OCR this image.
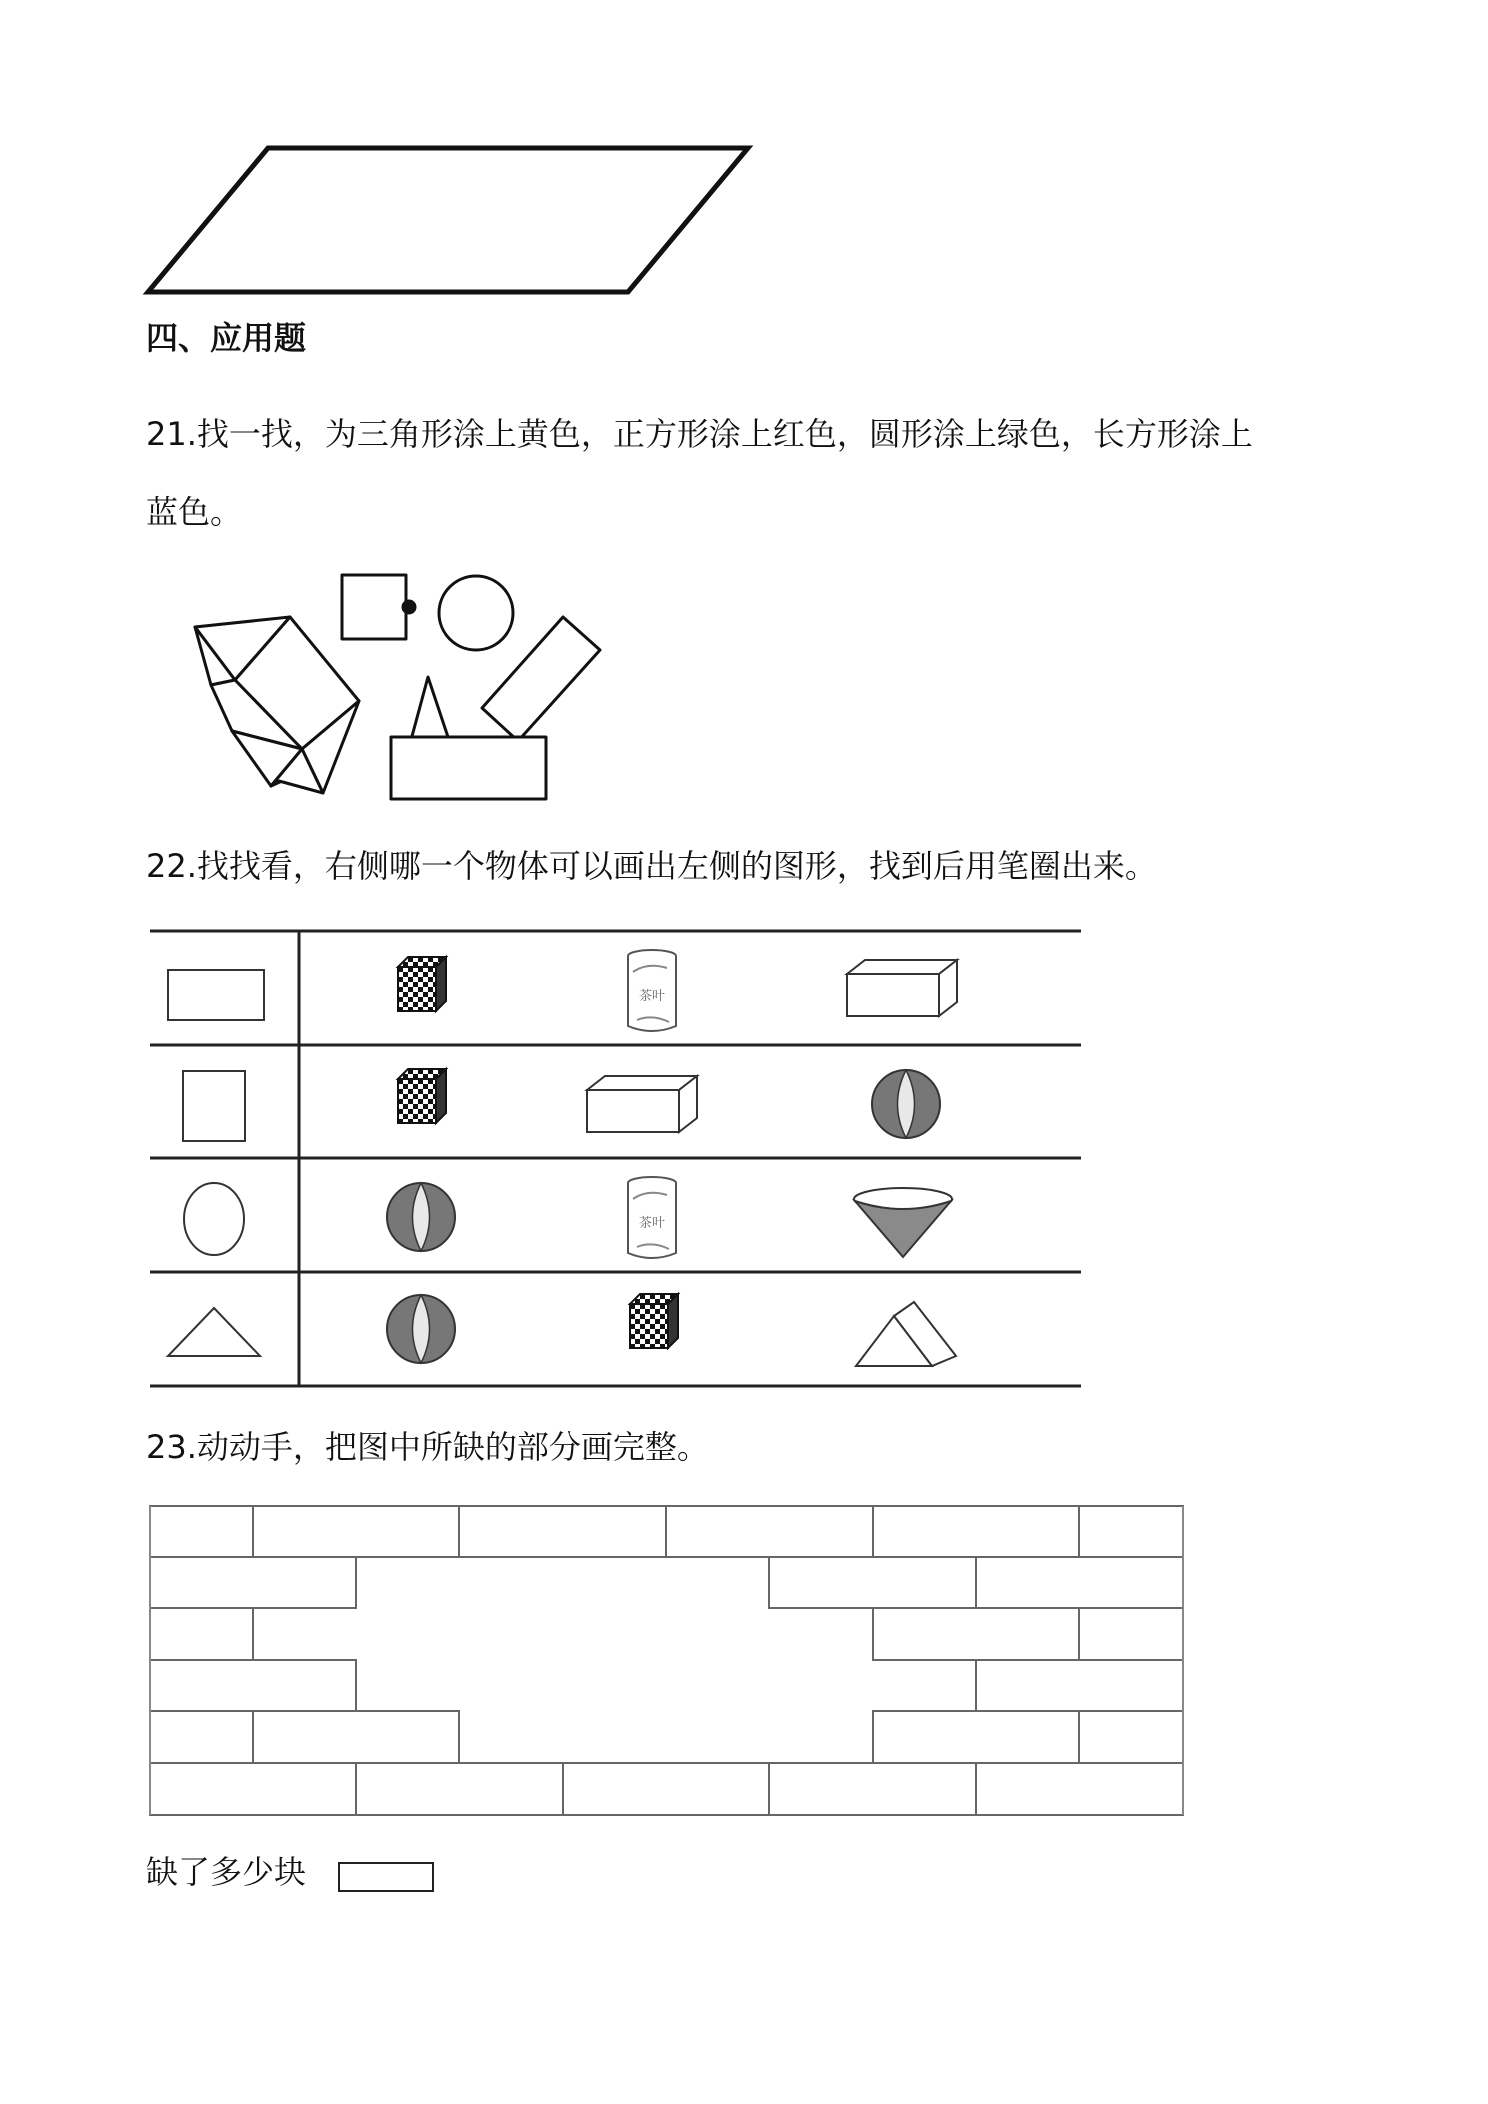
四、应用题
21.找一找，为三角形涂上黄色，正方形涂上红色，圆形涂上绿色，长方形涂上
蓝色。
22.找找看，右侧哪一个物体可以画出左侧的图形，找到后用笔圈出来。
茶叶
23.动动手，把图中所缺的部分画完整。
缺了多少块
